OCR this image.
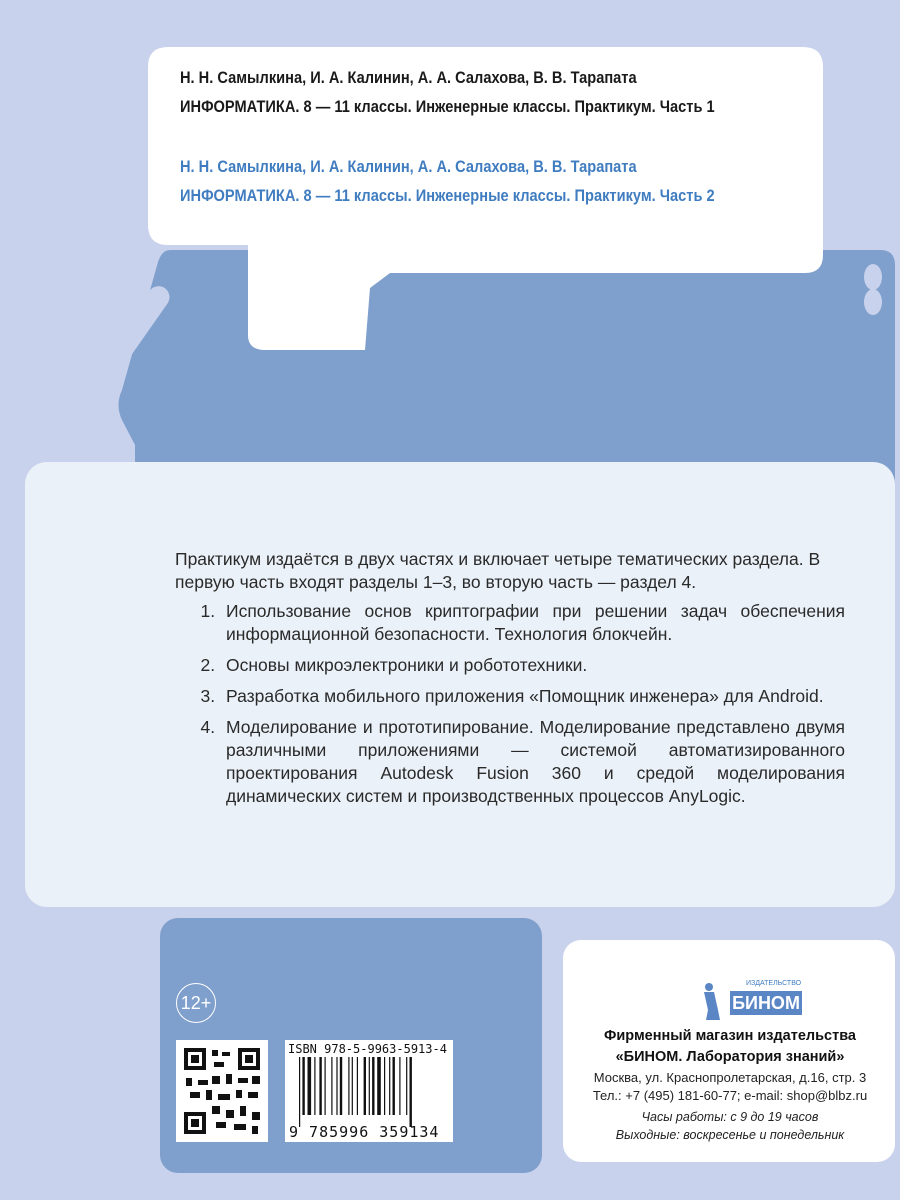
Н. Н. Самылкина, И. А. Калинин, А. А. Салахова, В. В. Тарапата
ИНФОРМАТИКА. 8 — 11 классы. Инженерные классы. Практикум. Часть 1
Н. Н. Самылкина, И. А. Калинин, А. А. Салахова, В. В. Тарапата
ИНФОРМАТИКА. 8 — 11 классы. Инженерные классы. Практикум. Часть 2

Практикум издаётся в двух частях и включает четыре тематических раздела. В первую часть входят разделы 1–3, во вторую часть — раздел 4.

1. Использование основ криптографии при решении задач обеспечения информационной безопасности. Технология блокчейн.
2. Основы микроэлектроники и робототехники.
3. Разработка мобильного приложения «Помощник инженера» для Android.
4. Моделирование и прототипирование. Моделирование представлено двумя различными приложениями — системой автоматизированного проектирования Autodesk Fusion 360 и средой моделирования динамических систем и производственных процессов AnyLogic.
12+
ISBN 978-5-9963-5913-4
9 785996 359134
ИЗДАТЕЛЬСТВО
БИНОМ
Фирменный магазин издательства
«БИНОМ. Лаборатория знаний»
Москва, ул. Краснопролетарская, д.16, стр. 3
Тел.: +7 (495) 181-60-77; e-mail: shop@blbz.ru
Часы работы: с 9 до 19 часов
Выходные: воскресенье и понедельник
